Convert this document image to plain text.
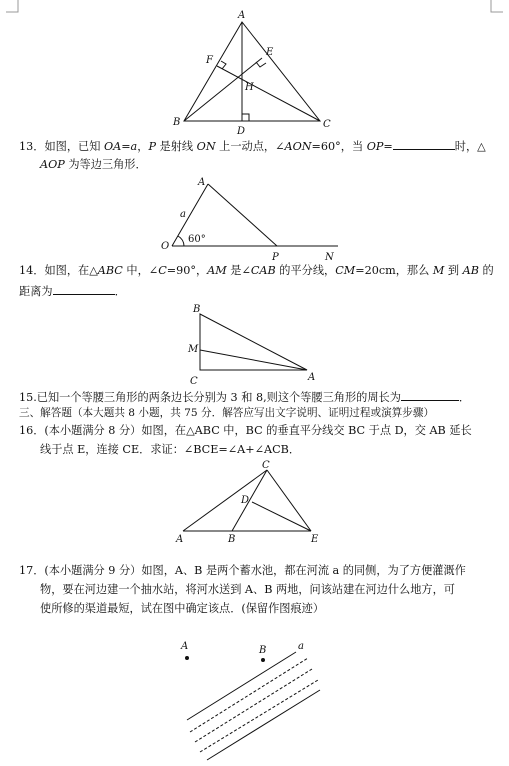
A
B	C
D
E
F
H
13．如图，已知 OA=a，P 是射线 ON 上一动点，∠AON=60°，当 OP=	时，△
AOP 为等边三角形．
A
a
O
60°
P	N
14．如图，在△ABC 中，∠C=90°，AM 是∠CAB 的平分线，CM=20cm，那么 M 到 AB 的
距离为	．
B
M
C	A
15.已知一个等腰三角形的两条边长分别为 3 和 8,则这个等腰三角形的周长为	．
三、解答题（本大题共 8 小题，共 75 分．解答应写出文字说明、证明过程或演算步骤）
16．(本小题满分 8 分）如图，在△ABC 中，BC 的垂直平分线交 BC 于点 D，交 AB 延长
线于点 E，连接 CE．求证：∠BCE=∠A+∠ACB．
C
D
A	B	E
17．(本小题满分 9 分）如图，A、B 是两个蓄水池，都在河流 a 的同侧，为了方便灌溉作
物，要在河边建一个抽水站，将河水送到 A、B 两地，问该站建在河边什么地方，可
使所修的渠道最短，试在图中确定该点．(保留作图痕迹）
A	B	a
